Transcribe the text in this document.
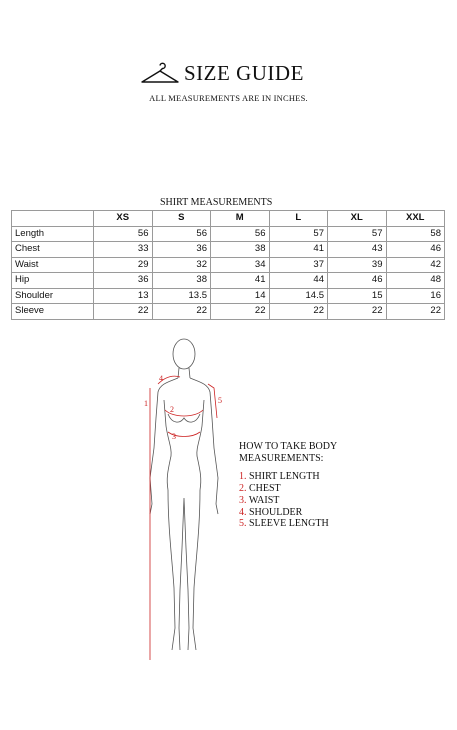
SIZE GUIDE
ALL MEASUREMENTS ARE IN INCHES.
SHIRT MEASUREMENTS
	XS	S	M	L	XL	XXL
Length	56	56	56	57	57	58
Chest	33	36	38	41	43	46
Waist	29	32	34	37	39	42
Hip	36	38	41	44	46	48
Shoulder	13	13.5	14	14.5	15	16
Sleeve	22	22	22	22	22	22
1
2
3
4
5
HOW TO TAKE BODY
MEASUREMENTS:
1. SHIRT LENGTH
2. CHEST
3. WAIST
4. SHOULDER
5. SLEEVE LENGTH
